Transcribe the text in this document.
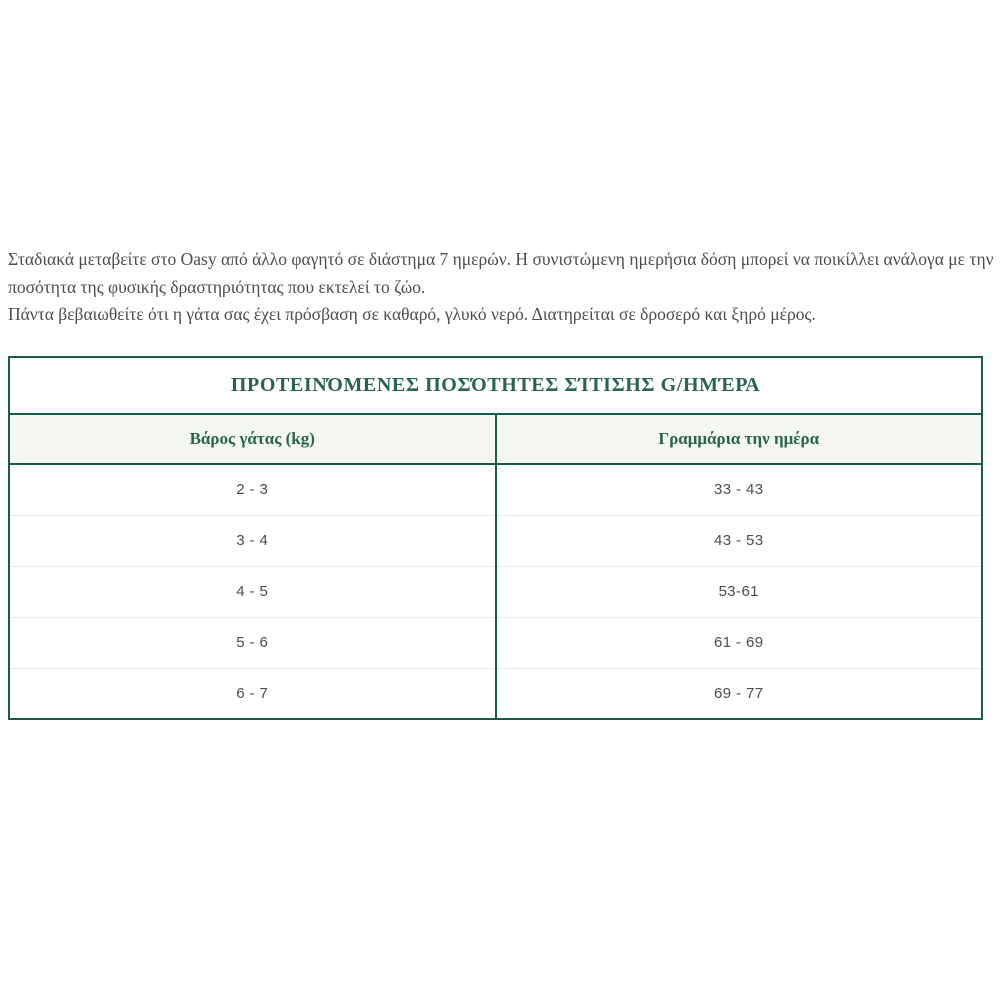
Σταδιακά μεταβείτε στο Oasy από άλλο φαγητό σε διάστημα 7 ημερών. Η συνιστώμενη ημερήσια δόση μπορεί να ποικίλλει ανάλογα με την ποσότητα της φυσικής δραστηριότητας που εκτελεί το ζώο.

Πάντα βεβαιωθείτε ότι η γάτα σας έχει πρόσβαση σε καθαρό, γλυκό νερό. Διατηρείται σε δροσερό και ξηρό μέρος.

ΠΡΟΤΕΙΝΌΜΕΝΕΣ ΠΟΣΌΤΗΤΕΣ ΣΊΤΙΣΗΣ G/ΗΜΈΡΑ	
Βάρος γάτας (kg)	Γραμμάρια την ημέρα
2 - 3	33 - 43
3 - 4	43 - 53
4 - 5	53-61
5 - 6	61 - 69
6 - 7	69 - 77
